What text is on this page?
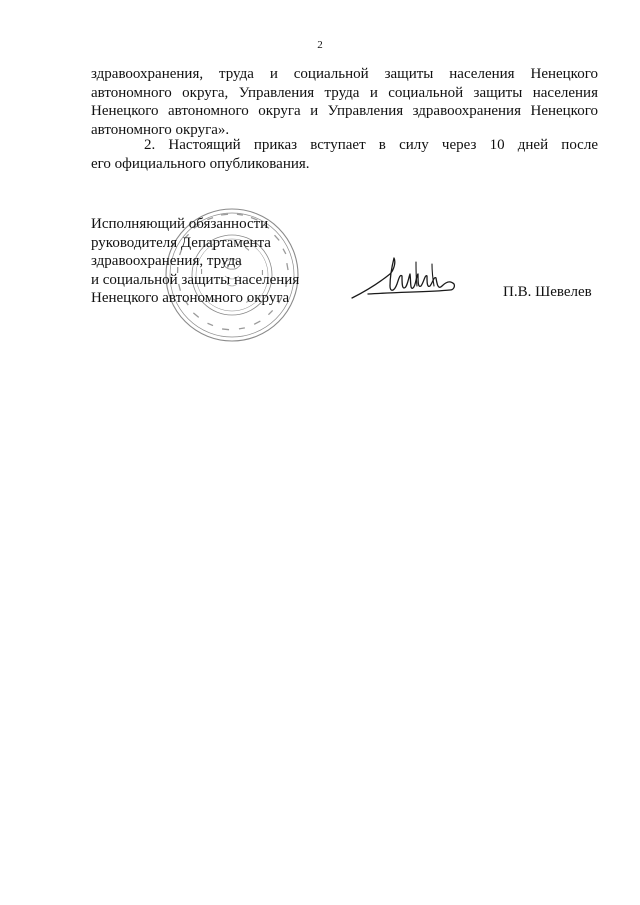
2
здравоохранения, труда и социальной защиты населения Ненецкого
автономного округа, Управления труда и социальной защиты населения
Ненецкого автономного округа и Управления здравоохранения Ненецкого
автономного округа».
2. Настоящий приказ вступает в силу через 10 дней после
его официального опубликования.
Исполняющий обязанности
руководителя Департамента
здравоохранения, труда
и социальной защиты населения
Ненецкого автономного округа	П.В. Шевелев
